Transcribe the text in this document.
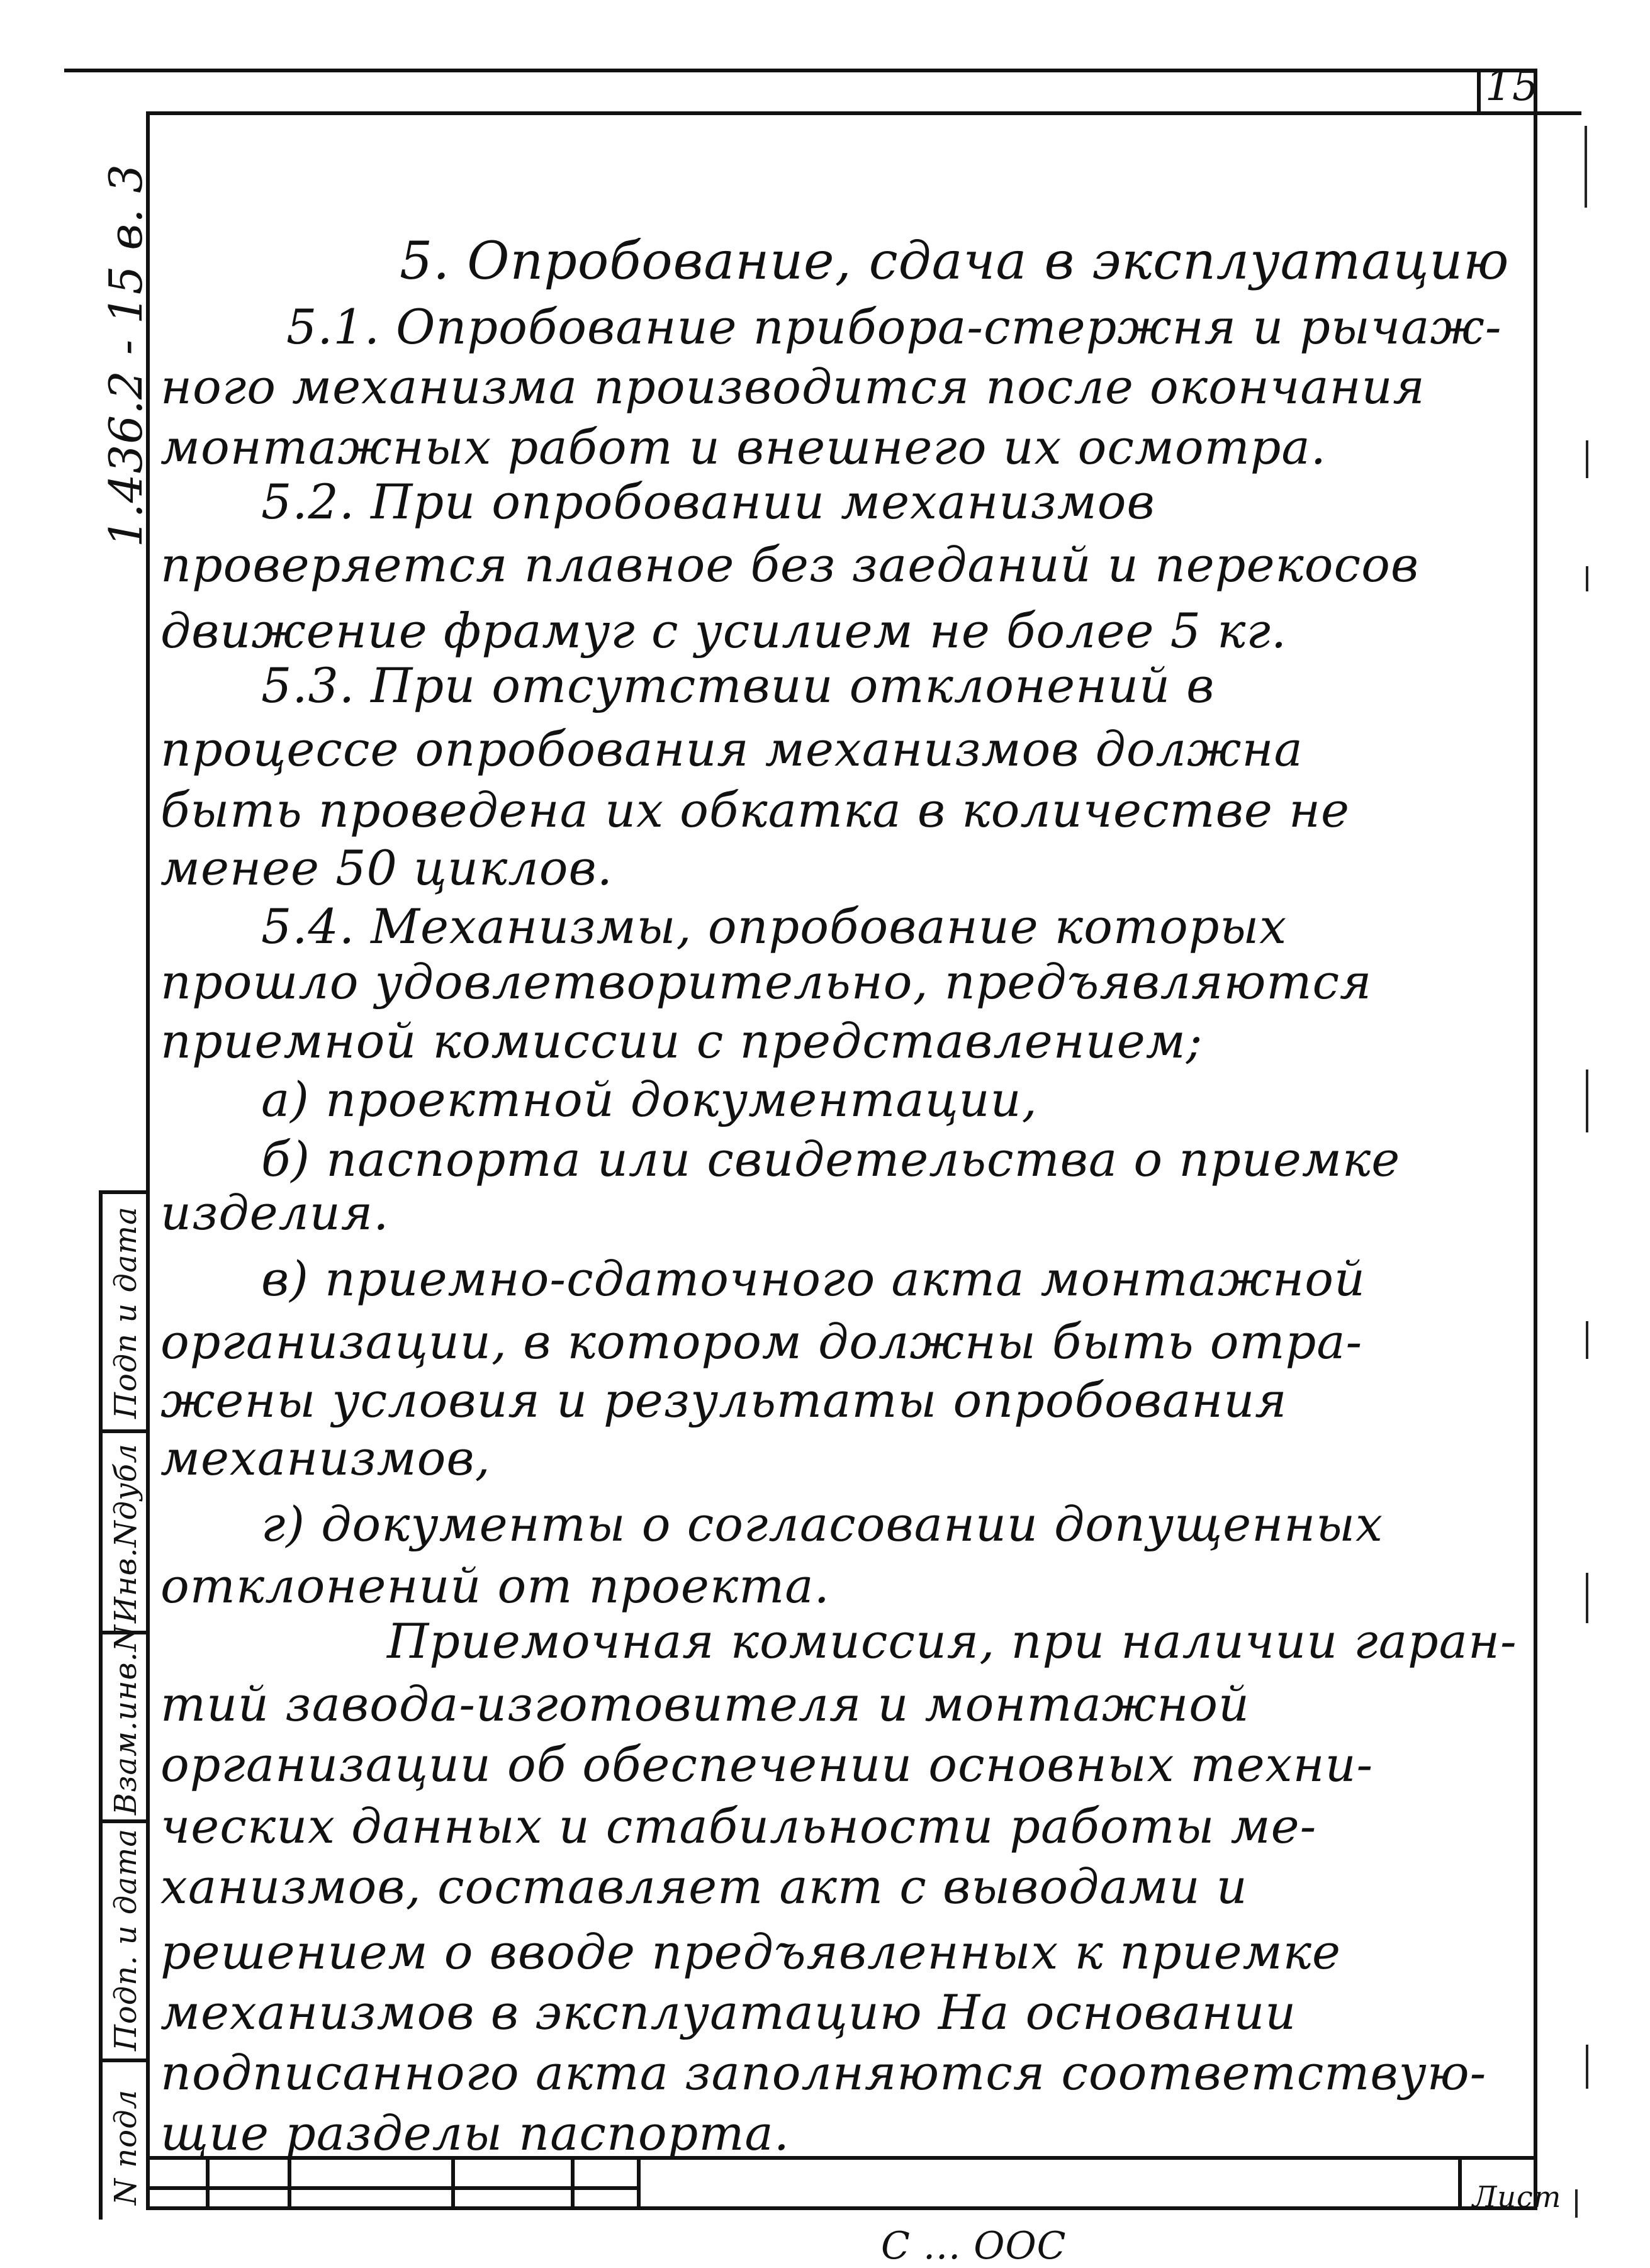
15
1.436.2 - 15 в. 3
Подп и дата
Инв.Nдубл
Взам.инв.N
Подп. и дата
N подл	Лист
С ... ООС
5. Опробование, сдача в эксплуатацию
5.1. Опробование прибора-стержня и рычаж-
ного механизма производится после окончания
монтажных работ и внешнего их осмотра.
5.2. При опробовании механизмов
проверяется плавное без заеданий и перекосов
движение фрамуг с усилием не более 5 кг.
5.3. При отсутствии отклонений в
процессе опробования механизмов должна
быть проведена их обкатка в количестве не
менее 50 циклов.
5.4. Механизмы, опробование которых
прошло удовлетворительно, предъявляются
приемной комиссии с представлением;
а) проектной документации,
б) паспорта или свидетельства о приемке
изделия.
в) приемно-сдаточного акта монтажной
организации, в котором должны быть отра-
жены условия и результаты опробования
механизмов,
г) документы о согласовании допущенных
отклонений от проекта.
Приемочная комиссия, при наличии гаран-
тий завода-изготовителя и монтажной
организации об обеспечении основных техни-
ческих данных и стабильности работы ме-
ханизмов, составляет акт с выводами и
решением о вводе предъявленных к приемке
механизмов в эксплуатацию На основании
подписанного акта заполняются соответствую-
щие разделы паспорта.
